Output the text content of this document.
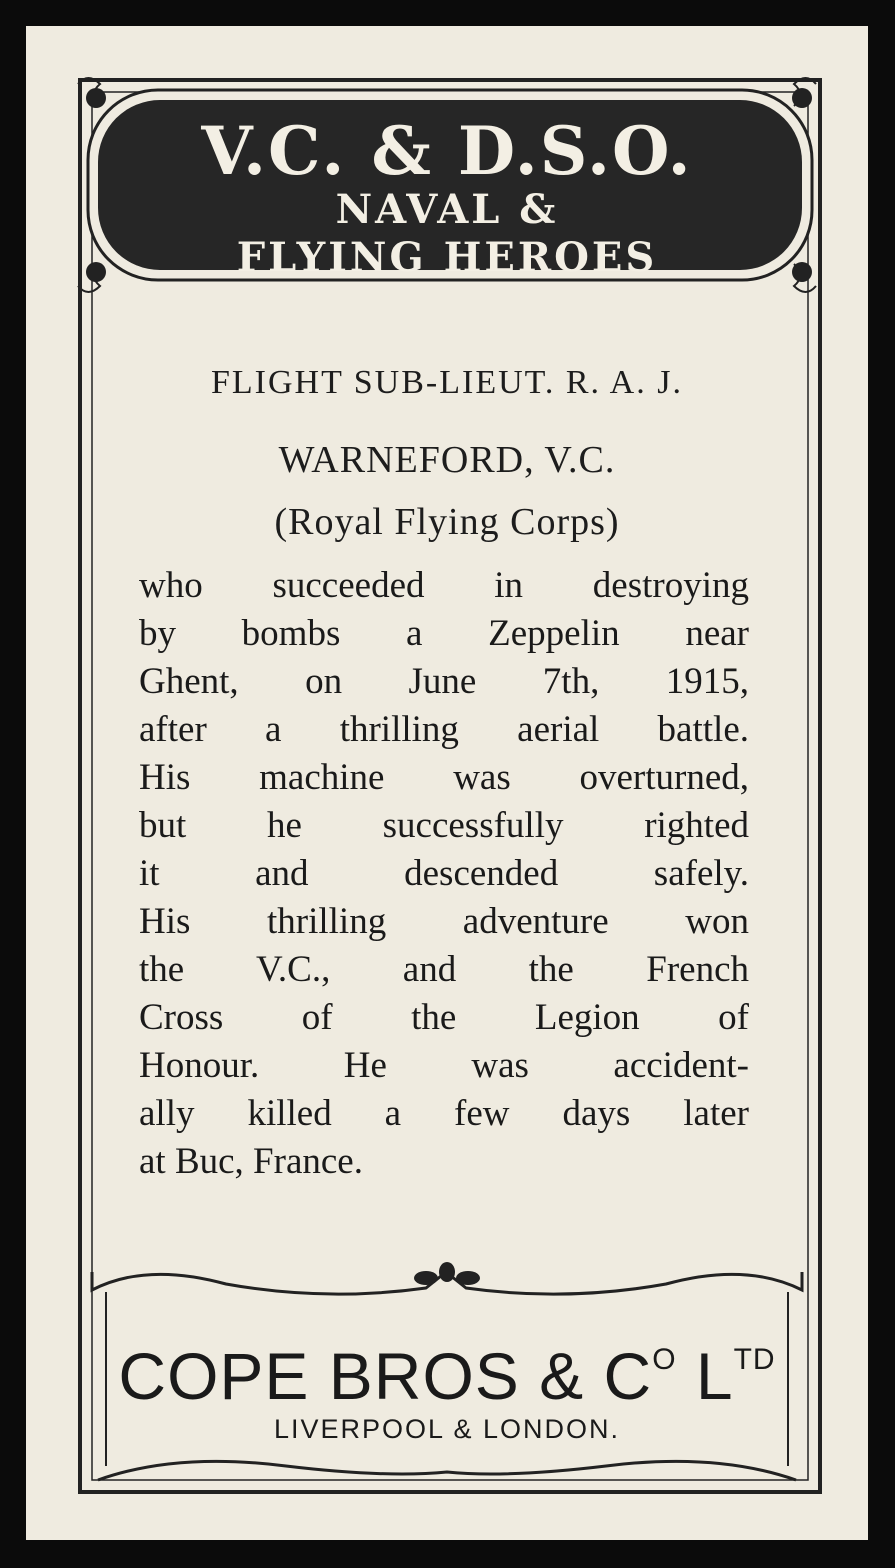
V.C. & D.S.O.
NAVAL &
FLYING HEROES
FLIGHT SUB-LIEUT. R. A. J.
WARNEFORD, V.C.
(Royal Flying Corps)
who succeeded in destroying
by bombs a Zeppelin near
Ghent, on June 7th, 1915,
after a thrilling aerial battle.
His machine was overturned,
but he successfully righted
it and descended safely.
His thrilling adventure won
the V.C., and the French
Cross of the Legion of
Honour. He was accident-
ally killed a few days later
at Buc, France.
COPE BROS & $C^O$ $L^{TD}$
LIVERPOOL & LONDON.
